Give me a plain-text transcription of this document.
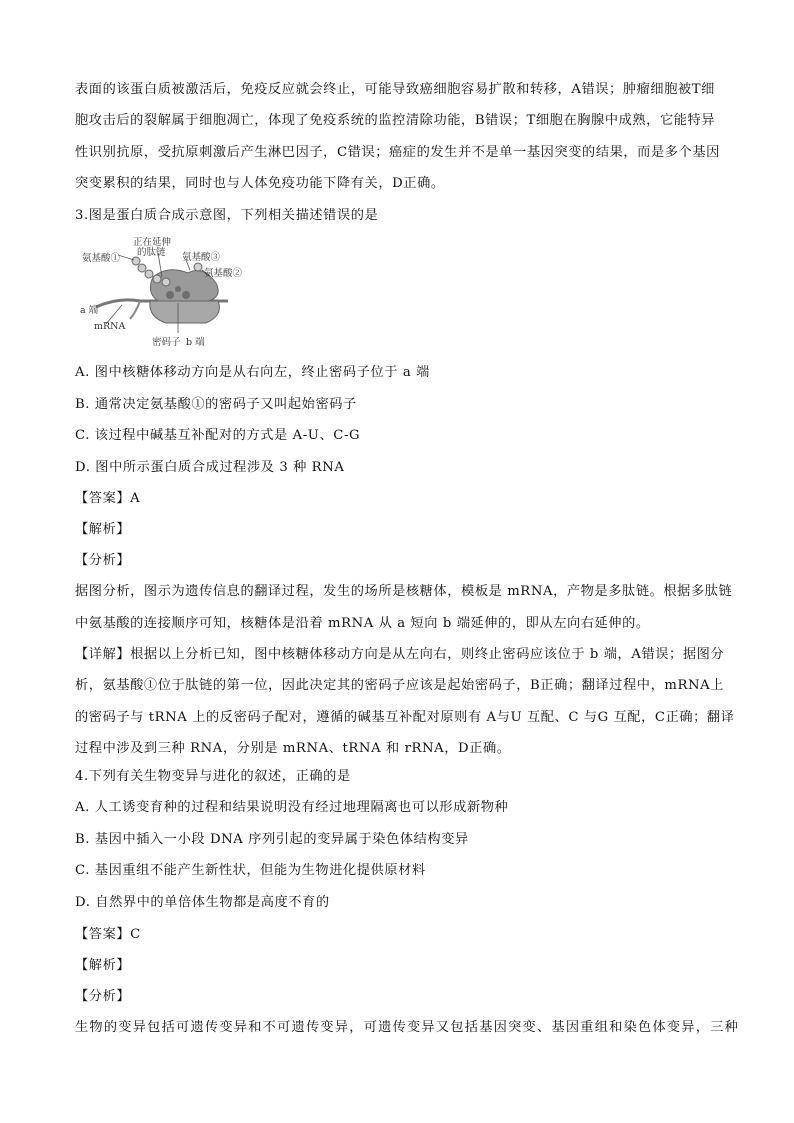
表面的该蛋白质被激活后，免疫反应就会终止，可能导致癌细胞容易扩散和转移，A错误；肿瘤细胞被T细
胞攻击后的裂解属于细胞凋亡，体现了免疫系统的监控清除功能，B错误；T细胞在胸腺中成熟，它能特异
性识别抗原，受抗原刺激后产生淋巴因子，C错误；癌症的发生并不是单一基因突变的结果，而是多个基因
突变累积的结果，同时也与人体免疫功能下降有关，D正确。
3.图是蛋白质合成示意图，下列相关描述错误的是
正在延伸
的肽链
氨基酸①	氨基酸③
氨基酸②
a 端
mRNA
密码子 b 端
A. 图中核糖体移动方向是从右向左，终止密码子位于 a 端
B. 通常决定氨基酸①的密码子又叫起始密码子
C. 该过程中碱基互补配对的方式是 A-U、C-G
D. 图中所示蛋白质合成过程涉及 3 种 RNA
【答案】A
【解析】
【分析】
据图分析，图示为遗传信息的翻译过程，发生的场所是核糖体，模板是 mRNA，产物是多肽链。根据多肽链
中氨基酸的连接顺序可知，核糖体是沿着 mRNA 从 a 短向 b 端延伸的，即从左向右延伸的。
【详解】根据以上分析已知，图中核糖体移动方向是从左向右，则终止密码应该位于 b 端，A错误；据图分
析，氨基酸①位于肽链的第一位，因此决定其的密码子应该是起始密码子，B正确；翻译过程中，mRNA上
的密码子与 tRNA 上的反密码子配对，遵循的碱基互补配对原则有 A与U 互配、C 与G 互配，C正确；翻译
过程中涉及到三种 RNA，分别是 mRNA、tRNA 和 rRNA，D正确。
4.下列有关生物变异与进化的叙述，正确的是
A. 人工诱变育种的过程和结果说明没有经过地理隔离也可以形成新物种
B. 基因中插入一小段 DNA 序列引起的变异属于染色体结构变异
C. 基因重组不能产生新性状，但能为生物进化提供原材料
D. 自然界中的单倍体生物都是高度不育的
【答案】C
【解析】
【分析】
生物的变异包括可遗传变异和不可遗传变异，可遗传变异又包括基因突变、基因重组和染色体变异，三种
